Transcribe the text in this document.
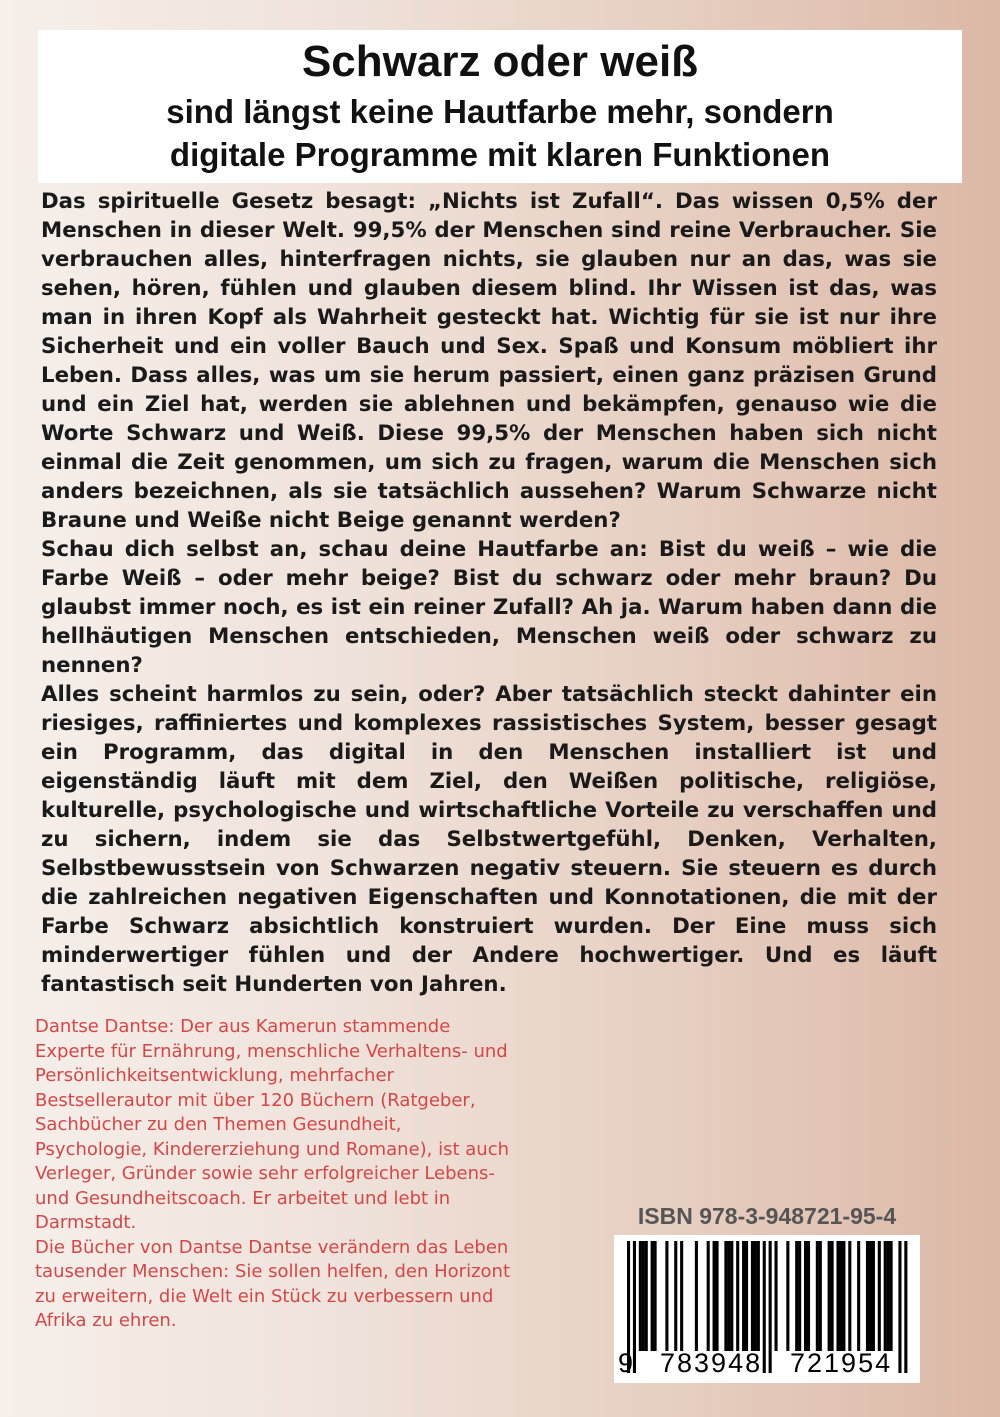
Schwarz oder weiß
sind längst keine Hautfarbe mehr, sondern
digitale Programme mit klaren Funktionen

Das spirituelle Gesetz besagt: „Nichts ist Zufall“. Das wissen 0,5% der Menschen in dieser Welt. 99,5% der Menschen sind reine Verbraucher. Sie verbrauchen alles, hinterfragen nichts, sie glauben nur an das, was sie sehen, hören, fühlen und glauben diesem blind. Ihr Wissen ist das, was man in ihren Kopf als Wahrheit gesteckt hat. Wichtig für sie ist nur ihre Sicherheit und ein voller Bauch und Sex. Spaß und Konsum möbliert ihr Leben. Dass alles, was um sie herum passiert, einen ganz präzisen Grund und ein Ziel hat, werden sie ablehnen und bekämpfen, genauso wie die Worte Schwarz und Weiß. Diese 99,5% der Menschen haben sich nicht einmal die Zeit genommen, um sich zu fragen, warum die Menschen sich anders bezeichnen, als sie tatsächlich aussehen? Warum Schwarze nicht Braune und Weiße nicht Beige genannt werden?

Schau dich selbst an, schau deine Hautfarbe an: Bist du weiß – wie die Farbe Weiß – oder mehr beige? Bist du schwarz oder mehr braun? Du glaubst immer noch, es ist ein reiner Zufall? Ah ja. Warum haben dann die hellhäutigen Menschen entschieden, Menschen weiß oder schwarz zu nennen?

Alles scheint harmlos zu sein, oder? Aber tatsächlich steckt dahinter ein riesiges, raffiniertes und komplexes rassistisches System, besser gesagt ein Programm, das digital in den Menschen installiert ist und eigenständig läuft mit dem Ziel, den Weißen politische, religiöse, kulturelle, psychologische und wirtschaftliche Vorteile zu verschaffen und zu sichern, indem sie das Selbstwertgefühl, Denken, Verhalten, Selbstbewusstsein von Schwarzen negativ steuern. Sie steuern es durch die zahlreichen negativen Eigenschaften und Konnotationen, die mit der Farbe Schwarz absichtlich konstruiert wurden. Der Eine muss sich minderwertiger fühlen und der Andere hochwertiger. Und es läuft fantastisch seit Hunderten von Jahren.

Dantse Dantse: Der aus Kamerun stammende Experte für Ernährung, menschliche Verhaltens- und Persönlichkeitsentwicklung, mehrfacher Bestsellerautor mit über 120 Büchern (Ratgeber, Sachbücher zu den Themen Gesundheit, Psychologie, Kindererziehung und Romane), ist auch Verleger, Gründer sowie sehr erfolgreicher Lebens- und Gesundheitscoach. Er arbeitet und lebt in Darmstadt.

Die Bücher von Dantse Dantse verändern das Leben tausender Menschen: Sie sollen helfen, den Horizont zu erweitern, die Welt ein Stück zu verbessern und Afrika zu ehren.

ISBN 978-3-948721-95-4
9 783948 721954
